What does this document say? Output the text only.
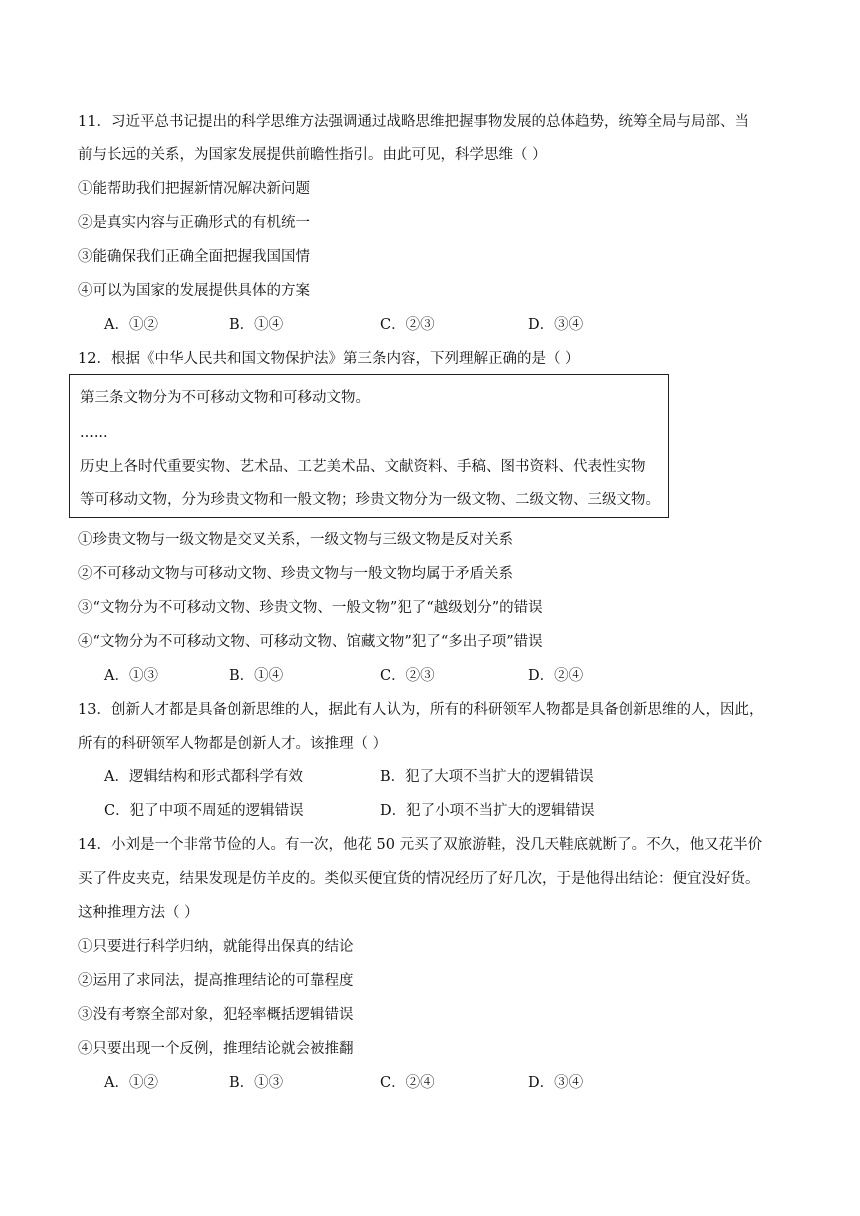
11．习近平总书记提出的科学思维方法强调通过战略思维把握事物发展的总体趋势，统筹全局与局部、当
前与长远的关系，为国家发展提供前瞻性指引。由此可见，科学思维（ ）
①能帮助我们把握新情况解决新问题
②是真实内容与正确形式的有机统一
③能确保我们正确全面把握我国国情
④可以为国家的发展提供具体的方案
A．①②	B．①④	C．②③	D．③④
12．根据《中华人民共和国文物保护法》第三条内容，下列理解正确的是（ ）
第三条文物分为不可移动文物和可移动文物。
......
历史上各时代重要实物、艺术品、工艺美术品、文献资料、手稿、图书资料、代表性实物
等可移动文物，分为珍贵文物和一般文物；珍贵文物分为一级文物、二级文物、三级文物。
①珍贵文物与一级文物是交叉关系，一级文物与三级文物是反对关系
②不可移动文物与可移动文物、珍贵文物与一般文物均属于矛盾关系
③“文物分为不可移动文物、珍贵文物、一般文物”犯了“越级划分”的错误
④“文物分为不可移动文物、可移动文物、馆藏文物”犯了“多出子项”错误
A．①③	B．①④	C．②③	D．②④
13．创新人才都是具备创新思维的人，据此有人认为，所有的科研领军人物都是具备创新思维的人，因此，
所有的科研领军人物都是创新人才。该推理（ ）
A．逻辑结构和形式都科学有效	B．犯了大项不当扩大的逻辑错误
C．犯了中项不周延的逻辑错误	D．犯了小项不当扩大的逻辑错误
14．小刘是一个非常节俭的人。有一次，他花 50 元买了双旅游鞋，没几天鞋底就断了。不久，他又花半价
买了件皮夹克，结果发现是仿羊皮的。类似买便宜货的情况经历了好几次，于是他得出结论：便宜没好货。
这种推理方法（ ）
①只要进行科学归纳，就能得出保真的结论
②运用了求同法，提高推理结论的可靠程度
③没有考察全部对象，犯轻率概括逻辑错误
④只要出现一个反例，推理结论就会被推翻
A．①②	B．①③	C．②④	D．③④
